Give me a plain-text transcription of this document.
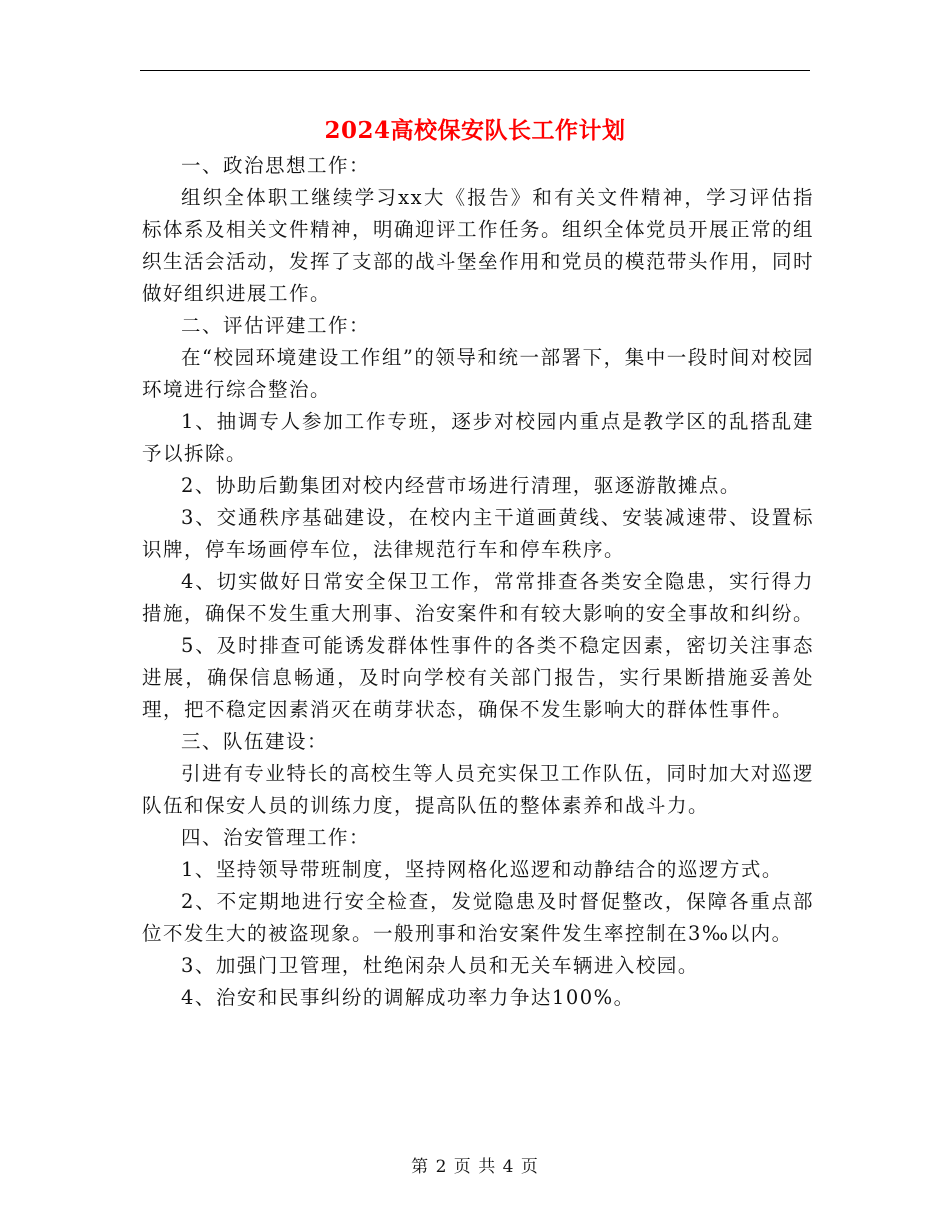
2024高校保安队长工作计划

一、政治思想工作：

组织全体职工继续学习xx大《报告》和有关文件精神，学习评估指标体系及相关文件精神，明确迎评工作任务。组织全体党员开展正常的组织生活会活动，发挥了支部的战斗堡垒作用和党员的模范带头作用，同时做好组织进展工作。

二、评估评建工作：

在“校园环境建设工作组”的领导和统一部署下，集中一段时间对校园环境进行综合整治。

1、抽调专人参加工作专班，逐步对校园内重点是教学区的乱搭乱建予以拆除。

2、协助后勤集团对校内经营市场进行清理，驱逐游散摊点。

3、交通秩序基础建设，在校内主干道画黄线、安装减速带、设置标识牌，停车场画停车位，法律规范行车和停车秩序。

4、切实做好日常安全保卫工作，常常排查各类安全隐患，实行得力措施，确保不发生重大刑事、治安案件和有较大影响的安全事故和纠纷。

5、及时排查可能诱发群体性事件的各类不稳定因素，密切关注事态进展，确保信息畅通，及时向学校有关部门报告，实行果断措施妥善处理，把不稳定因素消灭在萌芽状态，确保不发生影响大的群体性事件。

三、队伍建设：

引进有专业特长的高校生等人员充实保卫工作队伍，同时加大对巡逻队伍和保安人员的训练力度，提高队伍的整体素养和战斗力。

四、治安管理工作：

1、坚持领导带班制度，坚持网格化巡逻和动静结合的巡逻方式。

2、不定期地进行安全检查，发觉隐患及时督促整改，保障各重点部位不发生大的被盗现象。一般刑事和治安案件发生率控制在3‰以内。

3、加强门卫管理，杜绝闲杂人员和无关车辆进入校园。

4、治安和民事纠纷的调解成功率力争达100%。

第 2 页 共 4 页
